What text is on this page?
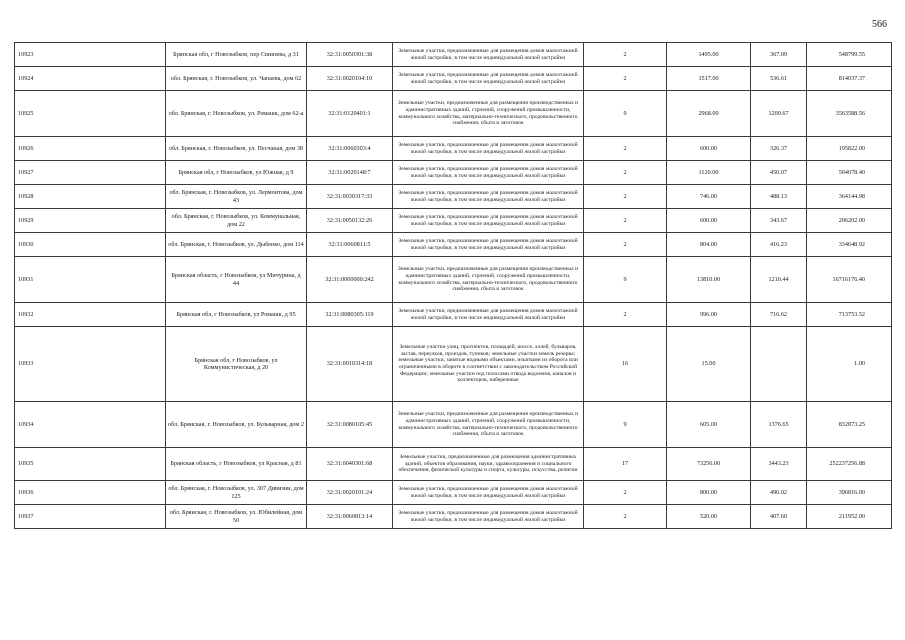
566
10923	Брянская обл, г Новозыбков, пер Свиязева, д 31	32:31:0050301:38	Земельные участки, предназначенные для размещения домов малоэтажной жилой застройки, в том числе индивидуальной жилой застройки	2	1495.00	367.09	548799.55
10924	обл. Брянская, г. Новозыбков, ул. Чапаева, дом 62	32:31:0020104:10	Земельные участки, предназначенные для размещения домов малоэтажной жилой застройки, в том числе индивидуальной жилой застройки	2	1517.00	536.61	814037.37
10925	обл. Брянская, г. Новозыбков, ул. Ромашк, дом 62-а	32:31:0120401:1	Земельные участки, предназначенные для размещения производственных и административных зданий, строений, сооружений промышленности, коммунального хозяйства, материально-технического, продовольственного снабжения, сбыта и заготовок	9	2968.00	1200.67	3563588.56
10926	обл. Брянская, г. Новозыбков, ул. Песчаная, дом 38	32:31:0060303:4	Земельные участки, предназначенные для размещения домов малоэтажной жилой застройки, в том числе индивидуальной жилой застройки	2	600.00	326.37	195822.00
10927	Брянская обл, г Новозыбков, ул Южная, д 9	32:31:0020148:7	Земельные участки, предназначенные для размещения домов малоэтажной жилой застройки, в том числе индивидуальной жилой застройки	2	1120.00	450.07	504078.40
10928	обл. Брянская, г. Новозыбков, ул. Лермонтова, дом 43	32:31:0030317:33	Земельные участки, предназначенные для размещения домов малоэтажной жилой застройки, в том числе индивидуальной жилой застройки	2	746.00	488.13	364144.98
10929	обл. Брянская, г. Новозыбков, ул. Коммунальная, дом 22	32:31:0050132:26	Земельные участки, предназначенные для размещения домов малоэтажной жилой застройки, в том числе индивидуальной жилой застройки	2	600.00	343.67	206202.00
10930	обл. Брянская, г. Новозыбков, ул. Дыбенко, дом 114	32:31:0060811:5	Земельные участки, предназначенные для размещения домов малоэтажной жилой застройки, в том числе индивидуальной жилой застройки	2	804.00	416.23	334648.92
10931	Брянская область, г Новозыбков, ул Мичурина, д 44	32:31:0000000:242	Земельные участки, предназначенные для размещения производственных и административных зданий, строений, сооружений промышленности, коммунального хозяйства, материально-технического, продовольственного снабжения, сбыта и заготовок	9	13810.00	1210.44	16716176.40
10932	Брянская обл, г Новозыбков, ул Ромашк, д 95	32:31:0080305:119	Земельные участки, предназначенные для размещения домов малоэтажной жилой застройки, в том числе индивидуальной жилой застройки	2	996.00	716.62	713753.52
10933	Брянская обл, г Новозыбков, ул Коммунистическая, д 20	32:31:0010314:18	Земельные участки улиц, проспектов, площадей, шоссе, аллей, бульваров, застав, переулков, проездов, тупиков; земельные участки земель резерва; земельные участки, занятые водными объектами, изъятыми из оборота или ограниченными в обороте в соответствии с законодательством Российской Федерации; земельные участки под полосами отвода водоемов, каналов и коллекторов, набережные	16	15.00		1.00
10934	обл. Брянская, г. Новозыбков, ул. Бульварная, дом 2	32:31:0080105:45	Земельные участки, предназначенные для размещения производственных и административных зданий, строений, сооружений промышленности, коммунального хозяйства, материально-технического, продовольственного снабжения, сбыта и заготовок	9	605.00	1376.65	832873.25
10935	Брянская область, г Новозыбков, ул Красная, д 81	32:31:0040301:68	Земельные участки, предназначенные для размещения административных зданий, объектов образования, науки, здравоохранения и социального обеспечения, физической культуры и спорта, культуры, искусства, религии	17	73256.00	3443.23	252237256.88
10936	обл. Брянская, г. Новозыбков, ул. 307 Дивизии, дом 125	32:31:0020101:24	Земельные участки, предназначенные для размещения домов малоэтажной жилой застройки, в том числе индивидуальной жилой застройки	2	800.00	496.02	396816.00
10937	обл. Брянская, г. Новозыбков, ул. Юбилейная, дом 50	32:31:0060813:14	Земельные участки, предназначенные для размещения домов малоэтажной жилой застройки, в том числе индивидуальной жилой застройки	2	520.00	407.60	211952.00
